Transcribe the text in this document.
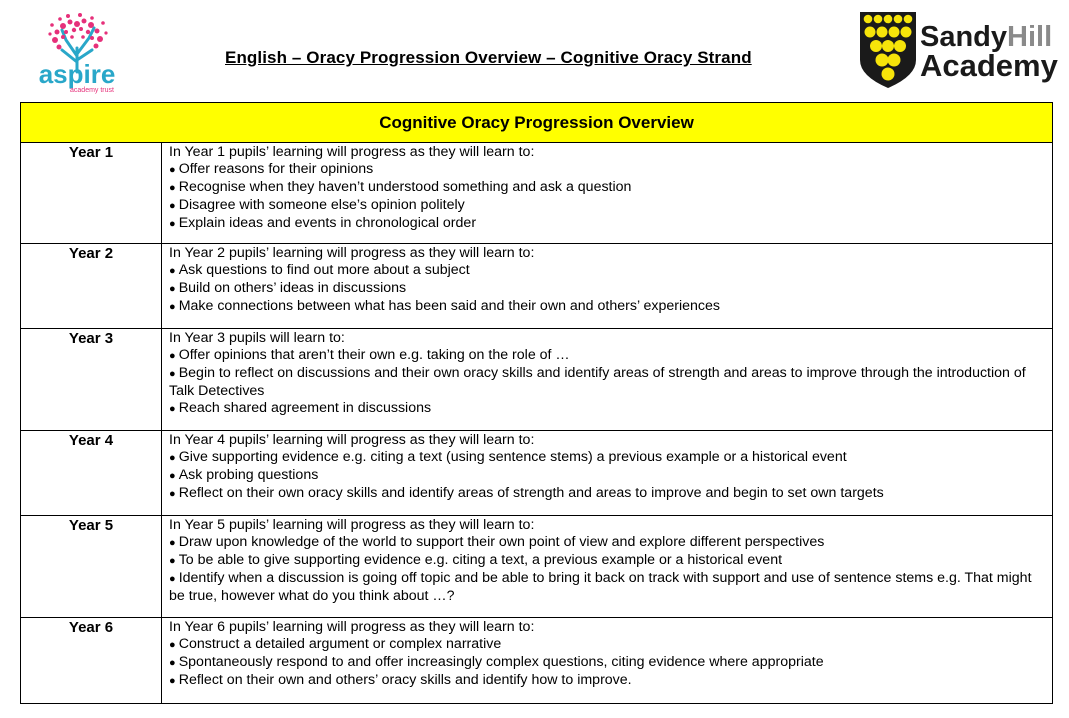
aspire
academy trust
English – Oracy Progression Overview – Cognitive Oracy Strand
SandyHill
Academy
Cognitive Oracy Progression Overview	
Year 1	In Year 1 pupils’ learning will progress as they will learn to:
● Offer reasons for their opinions
● Recognise when they haven’t understood something and ask a question
● Disagree with someone else’s opinion politely
● Explain ideas and events in chronological order

Year 2	In Year 2 pupils’ learning will progress as they will learn to:
● Ask questions to find out more about a subject
● Build on others’ ideas in discussions
● Make connections between what has been said and their own and others’ experiences

Year 3	In Year 3 pupils will learn to:
● Offer opinions that aren’t their own e.g. taking on the role of …
● Begin to reflect on discussions and their own oracy skills and identify areas of strength and areas to improve through the introduction of Talk Detectives
● Reach shared agreement in discussions

Year 4	In Year 4 pupils’ learning will progress as they will learn to:
● Give supporting evidence e.g. citing a text (using sentence stems) a previous example or a historical event
● Ask probing questions
● Reflect on their own oracy skills and identify areas of strength and areas to improve and begin to set own targets

Year 5	In Year 5 pupils’ learning will progress as they will learn to:
● Draw upon knowledge of the world to support their own point of view and explore different perspectives
● To be able to give supporting evidence e.g. citing a text, a previous example or a historical event
● Identify when a discussion is going off topic and be able to bring it back on track with support and use of sentence stems e.g. That might be true, however what do you think about …?

Year 6	In Year 6 pupils’ learning will progress as they will learn to:
● Construct a detailed argument or complex narrative
● Spontaneously respond to and offer increasingly complex questions, citing evidence where appropriate
● Reflect on their own and others’ oracy skills and identify how to improve.
